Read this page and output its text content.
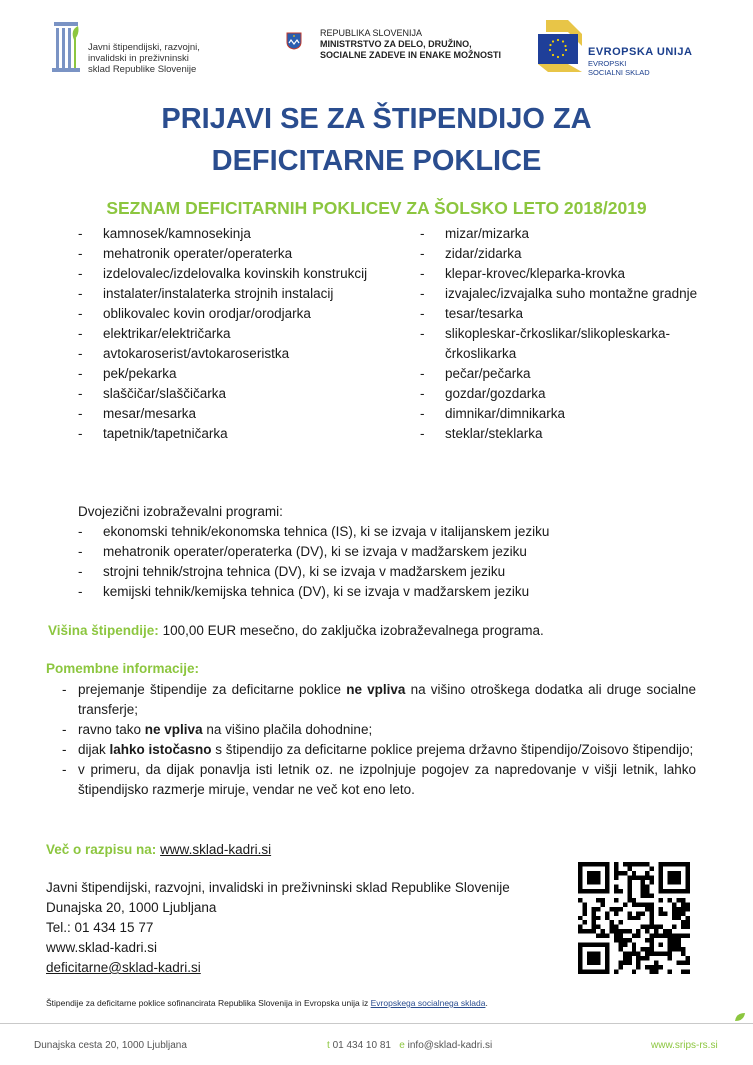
Javni štipendijski, razvojni,
invalidski in preživninski
sklad Republike Slovenije
REPUBLIKA SLOVENIJA
MINISTRSTVO ZA DELO, DRUŽINO,
SOCIALNE ZADEVE IN ENAKE MOŽNOSTI	EVROPSKA UNIJA
EVROPSKI
SOCIALNI SKLAD
PRIJAVI SE ZA ŠTIPENDIJO ZA
DEFICITARNE POKLICE
SEZNAM DEFICITARNIH POKLICEV ZA ŠOLSKO LETO 2018/2019
- kamnosek/kamnosekinja
- mehatronik operater/operaterka
- izdelovalec/izdelovalka kovinskih konstrukcij
- instalater/instalaterka strojnih instalacij
- oblikovalec kovin orodjar/orodjarka
- elektrikar/električarka
- avtokaroserist/avtokaroseristka
- pek/pekarka
- slaščičar/slaščičarka
- mesar/mesarka
- tapetnik/tapetničarka
- mizar/mizarka
- zidar/zidarka
- klepar-krovec/kleparka-krovka
- izvajalec/izvajalka suho montažne gradnje
- tesar/tesarka
- slikopleskar-črkoslikar/slikopleskarka-črkoslikarka
- pečar/pečarka
- gozdar/gozdarka
- dimnikar/dimnikarka
- steklar/steklarka
Dvojezični izobraževalni programi:
- ekonomski tehnik/ekonomska tehnica (IS), ki se izvaja v italijanskem jeziku
- mehatronik operater/operaterka (DV), ki se izvaja v madžarskem jeziku
- strojni tehnik/strojna tehnica (DV), ki se izvaja v madžarskem jeziku
- kemijski tehnik/kemijska tehnica (DV), ki se izvaja v madžarskem jeziku
Višina štipendije: 100,00 EUR mesečno, do zaključka izobraževalnega programa.
Pomembne informacije:
- prejemanje štipendije za deficitarne poklice ne vpliva na višino otroškega dodatka ali druge socialne transferje;
- ravno tako ne vpliva na višino plačila dohodnine;
- dijak lahko istočasno s štipendijo za deficitarne poklice prejema državno štipendijo/Zoisovo štipendijo;
- v primeru, da dijak ponavlja isti letnik oz. ne izpolnjuje pogojev za napredovanje v višji letnik, lahko štipendijsko razmerje miruje, vendar ne več kot eno leto.
Več o razpisu na: www.sklad-kadri.si
Javni štipendijski, razvojni, invalidski in preživninski sklad Republike Slovenije
Dunajska 20, 1000 Ljubljana
Tel.: 01 434 15 77
www.sklad-kadri.si
deficitarne@sklad-kadri.si
Štipendije za deficitarne poklice sofinancirata Republika Slovenija in Evropska unija iz Evropskega socialnega sklada.
Dunajska cesta 20, 1000 Ljubljana	t 01 434 10 81 e info@sklad-kadri.si	www.srips-rs.si
